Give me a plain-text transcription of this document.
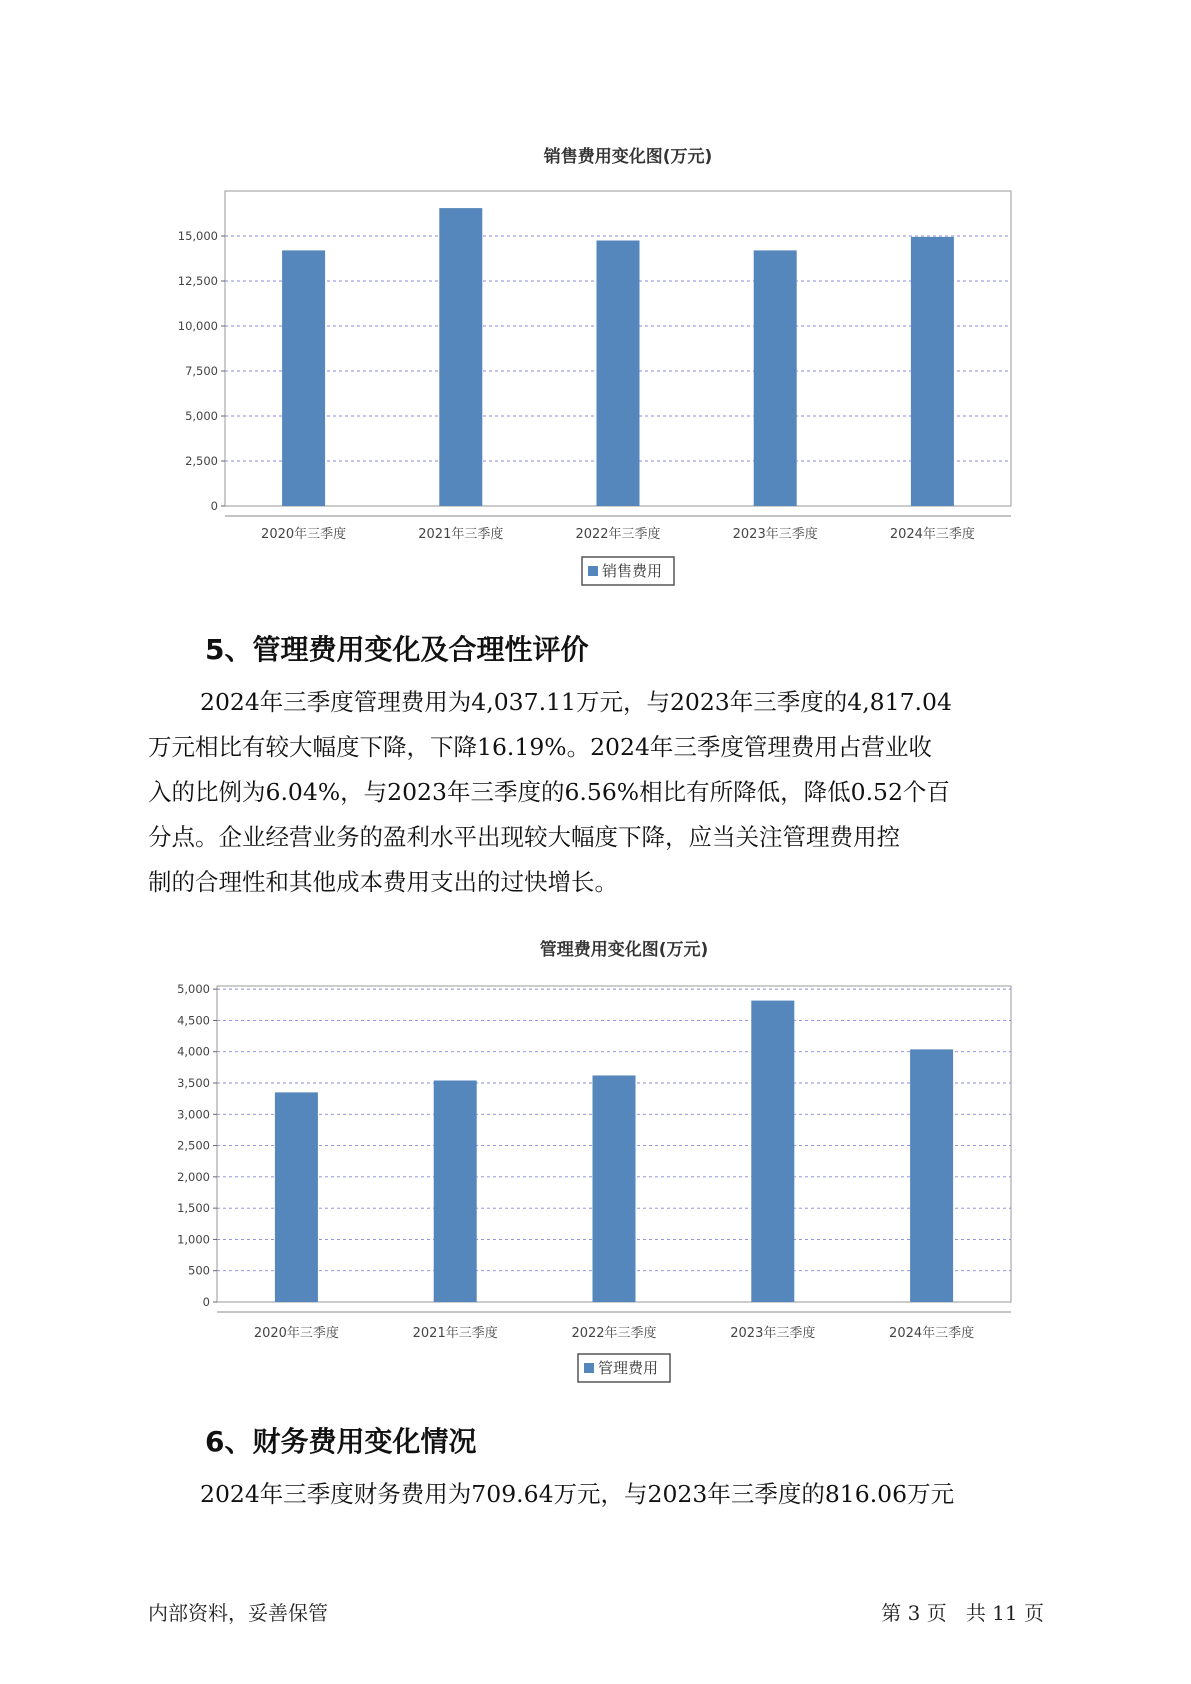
销售费用变化图(万元)
0
2,500
5,000
7,500
10,000
12,500
15,000
2020年三季度	2021年三季度	2022年三季度	2023年三季度	2024年三季度
销售费用
5、管理费用变化及合理性评价
2024年三季度管理费用为4,037.11万元，与2023年三季度的4,817.04
万元相比有较大幅度下降，下降16.19%。2024年三季度管理费用占营业收
入的比例为6.04%，与2023年三季度的6.56%相比有所降低，降低0.52个百
分点。企业经营业务的盈利水平出现较大幅度下降，应当关注管理费用控
制的合理性和其他成本费用支出的过快增长。
管理费用变化图(万元)
0
500
1,000
1,500
2,000
2,500
3,000
3,500
4,000
4,500
5,000
2020年三季度	2021年三季度	2022年三季度	2023年三季度	2024年三季度
管理费用
6、财务费用变化情况
2024年三季度财务费用为709.64万元，与2023年三季度的816.06万元
内部资料，妥善保管	第 3 页 共 11 页
